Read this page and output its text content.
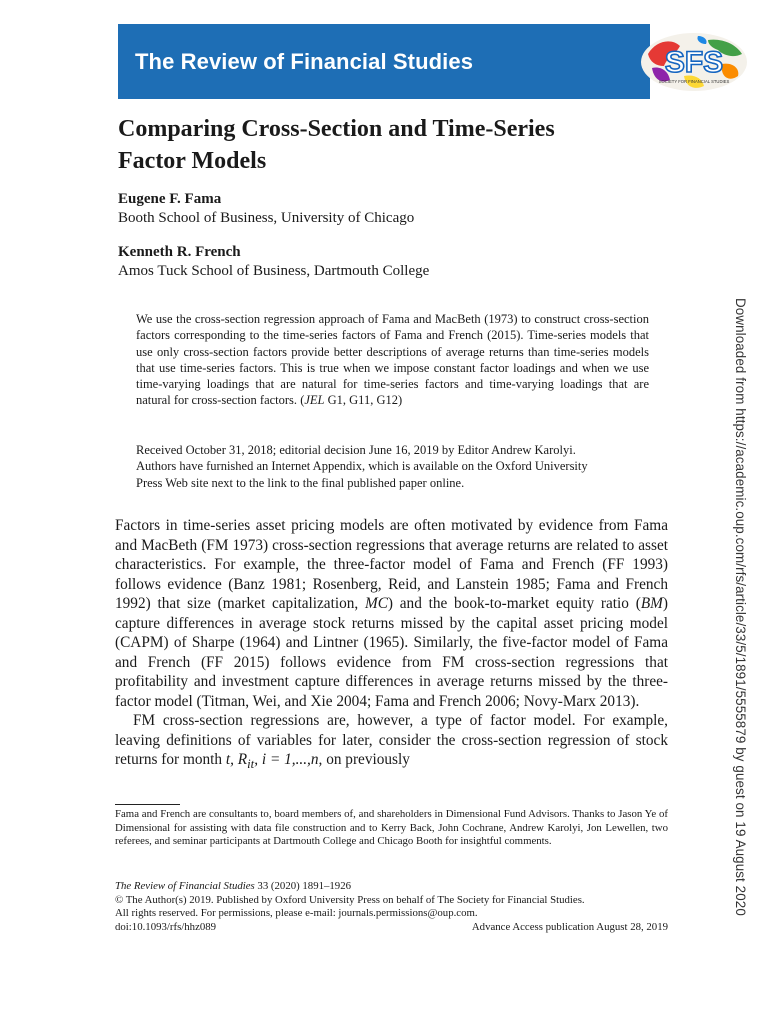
The Review of Financial Studies	SFS
SOCIETY FOR FINANCIAL STUDIES
Comparing Cross-Section and Time-Series
Factor Models
Eugene F. Fama
Booth School of Business, University of Chicago
Kenneth R. French
Amos Tuck School of Business, Dartmouth College

We use the cross-section regression approach of Fama and MacBeth (1973) to construct cross-section factors corresponding to the time-series factors of Fama and French (2015). Time-series models that use only cross-section factors provide better descriptions of average returns than time-series models that use time-series factors. This is true when we impose constant factor loadings and when we use time-varying loadings that are natural for time-series factors and time-varying loadings that are natural for cross-section factors. (JEL G1, G11, G12)

Received October 31, 2018; editorial decision June 16, 2019 by Editor Andrew Karolyi.
Authors have furnished an Internet Appendix, which is available on the Oxford University
Press Web site next to the link to the final published paper online.

Factors in time-series asset pricing models are often motivated by evidence from Fama and MacBeth (FM 1973) cross-section regressions that average returns are related to asset characteristics. For example, the three-factor model of Fama and French (FF 1993) follows evidence (Banz 1981; Rosenberg, Reid, and Lanstein 1985; Fama and French 1992) that size (market capitalization, MC) and the book-to-market equity ratio (BM) capture differences in average stock returns missed by the capital asset pricing model (CAPM) of Sharpe (1964) and Lintner (1965). Similarly, the five-factor model of Fama and French (FF 2015) follows evidence from FM cross-section regressions that profitability and investment capture differences in average returns missed by the three-factor model (Titman, Wei, and Xie 2004; Fama and French 2006; Novy-Marx 2013).

FM cross-section regressions are, however, a type of factor model. For example, leaving definitions of variables for later, consider the cross-section regression of stock returns for month t, $R_{it}$, i = 1,...,n, on previously

Fama and French are consultants to, board members of, and shareholders in Dimensional Fund Advisors. Thanks to Jason Ye of Dimensional for assisting with data file construction and to Kerry Back, John Cochrane, Andrew Karolyi, Jon Lewellen, two referees, and seminar participants at Dartmouth College and Chicago Booth for insightful comments.

The Review of Financial Studies 33 (2020) 1891–1926
© The Author(s) 2019. Published by Oxford University Press on behalf of The Society for Financial Studies.
All rights reserved. For permissions, please e-mail: journals.permissions@oup.com.
doi:10.1093/rfs/hhz089	Advance Access publication August 28, 2019
Downloaded from https://academic.oup.com/rfs/article/33/5/1891/5555879 by guest on 19 August 2020
